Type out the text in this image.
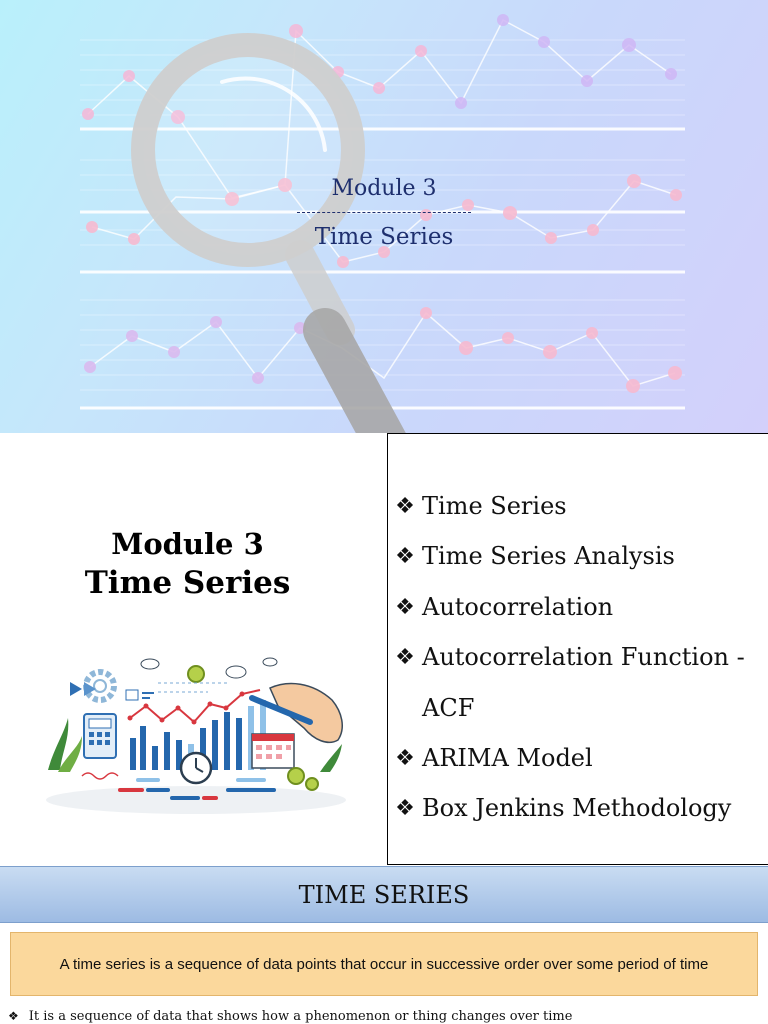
Module 3
Time Series
Module 3
Time Series
❖ Time Series
❖ Time Series Analysis
❖ Autocorrelation
❖ Autocorrelation Function -
ACF
❖ ARIMA Model
❖ Box Jenkins Methodology
TIME SERIES
A time series is a sequence of data points that occur in successive order over some period of time
❖ It is a sequence of data that shows how a phenomenon or thing changes over time
